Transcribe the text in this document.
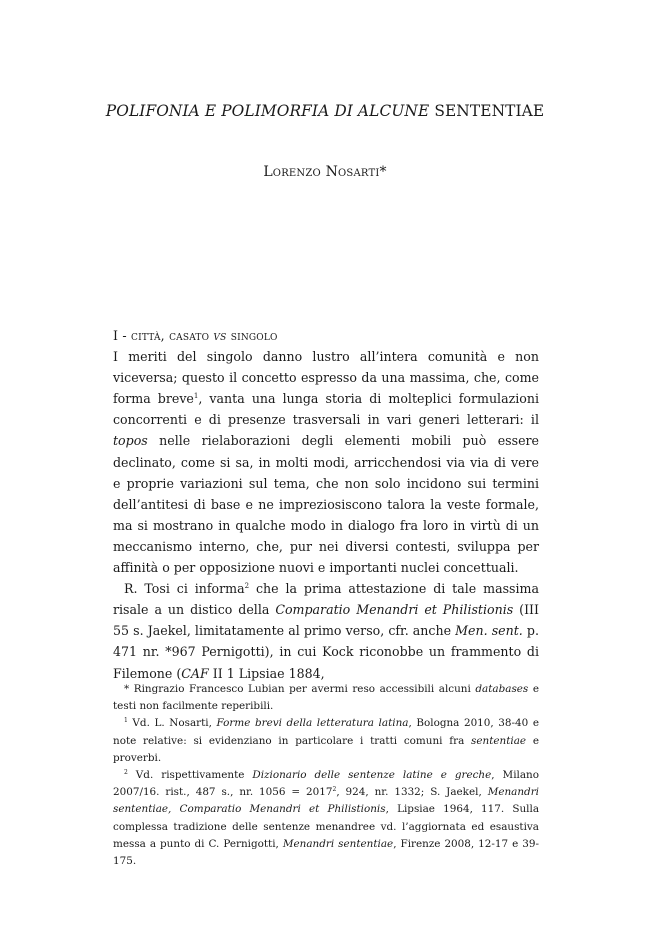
POLIFONIA E POLIMORFIA DI ALCUNE SENTENTIAE
Lorenzo Nosarti*
I - città, casato vs singolo

I meriti del singolo danno lustro all’intera comunità e non viceversa; questo il concetto espresso da una massima, che, come forma breve$^1$, vanta una lunga storia di molteplici formulazioni concorrenti e di presenze trasversali in vari generi letterari: il topos nelle rielaborazioni degli elementi mobili può essere declinato, come si sa, in molti modi, arricchendosi via via di vere e proprie variazioni sul tema, che non solo incidono sui termini dell’antitesi di base e ne impreziosiscono talora la veste formale, ma si mostrano in qualche modo in dialogo fra loro in virtù di un meccanismo interno, che, pur nei diversi contesti, sviluppa per affinità o per opposizione nuovi e importanti nuclei concettuali.

R. Tosi ci informa$^2$ che la prima attestazione di tale massima risale a un distico della Comparatio Menandri et Philistionis (III 55 s. Jaekel, limitatamente al primo verso, cfr. anche Men. sent. p. 471 nr. *967 Pernigotti), in cui Kock riconobbe un frammento di Filemone (CAF II 1 Lipsiae 1884,

* Ringrazio Francesco Lubian per avermi reso accessibili alcuni databases e testi non facilmente reperibili.

$^1$ Vd. L. Nosarti, Forme brevi della letteratura latina, Bologna 2010, 38-40 e note relative: si evidenziano in particolare i tratti comuni fra sententiae e proverbi.

$^2$ Vd. rispettivamente Dizionario delle sentenze latine e greche, Milano 2007/16. rist., 487 s., nr. $1056 = 2017^2$, 924, nr. 1332; S. Jaekel, Menandri sententiae, Comparatio Menandri et Philistionis, Lipsiae 1964, 117. Sulla complessa tradizione delle sentenze menandree vd. l’aggiornata ed esaustiva messa a punto di C. Pernigotti, Menandri sententiae, Firenze 2008, 12-17 e 39-175.
